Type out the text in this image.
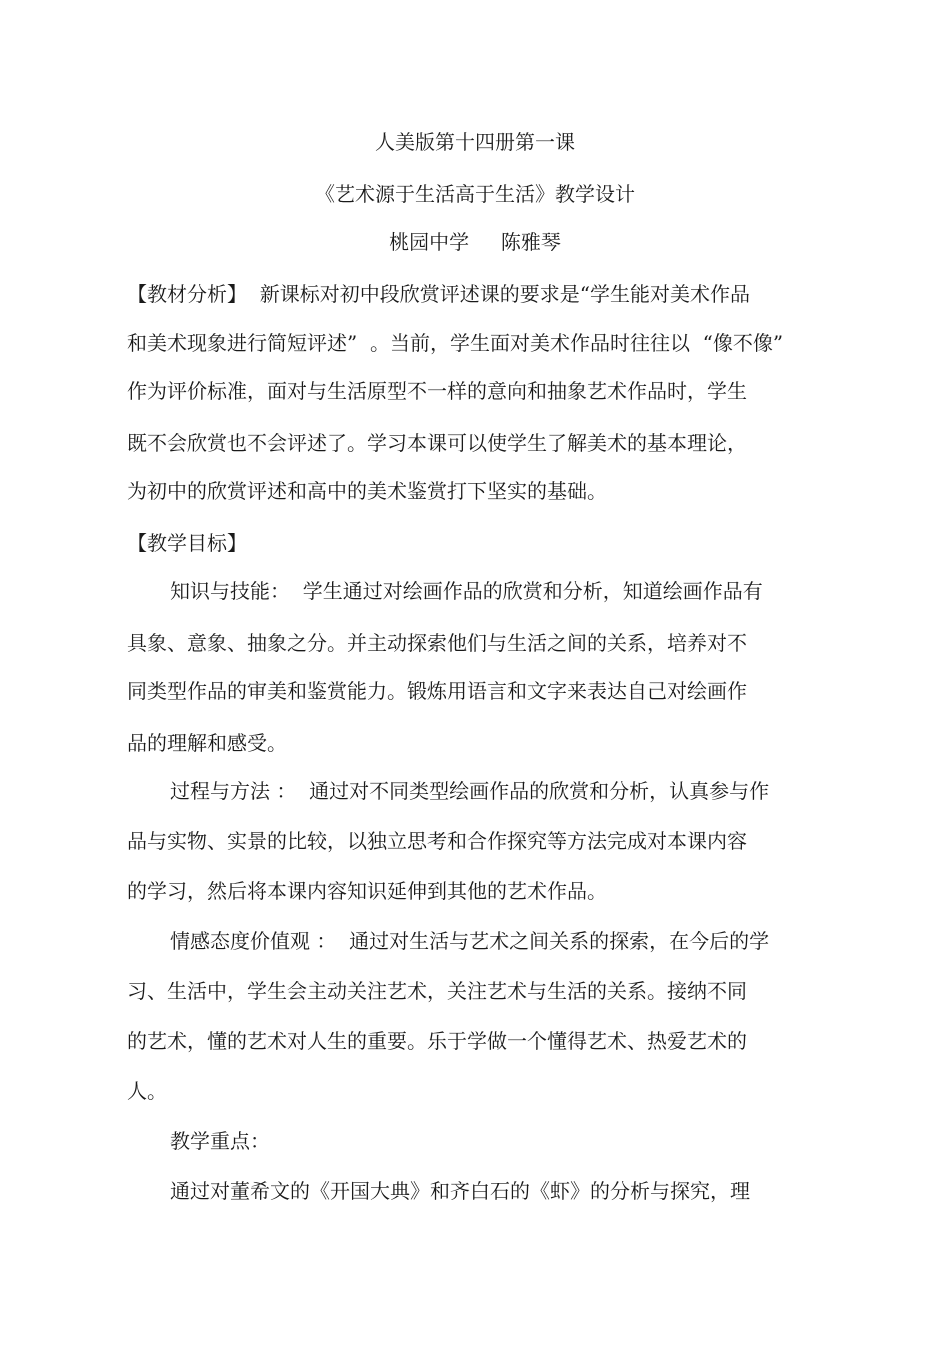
人美版第十四册第一课
《艺术源于生活高于生活》教学设计
桃园中学     陈雅琴
【教材分析】  新课标对初中段欣赏评述课的要求是“学生能对美术作品
和美术现象进行简短评述”  。当前，学生面对美术作品时往往以  “像不像”
作为评价标准，面对与生活原型不一样的意向和抽象艺术作品时，学生
既不会欣赏也不会评述了。学习本课可以使学生了解美术的基本理论，
为初中的欣赏评述和高中的美术鉴赏打下坚实的基础。
【教学目标】
知识与技能：  学生通过对绘画作品的欣赏和分析，知道绘画作品有
具象、意象、抽象之分。并主动探索他们与生活之间的关系，培养对不
同类型作品的审美和鉴赏能力。锻炼用语言和文字来表达自己对绘画作
品的理解和感受。
过程与方法 ：  通过对不同类型绘画作品的欣赏和分析，认真参与作
品与实物、实景的比较，以独立思考和合作探究等方法完成对本课内容
的学习，然后将本课内容知识延伸到其他的艺术作品。
情感态度价值观 ：  通过对生活与艺术之间关系的探索，在今后的学
习、生活中，学生会主动关注艺术，关注艺术与生活的关系。接纳不同
的艺术，懂的艺术对人生的重要。乐于学做一个懂得艺术、热爱艺术的
人。
教学重点：
通过对董希文的《开国大典》和齐白石的《虾》的分析与探究，理
